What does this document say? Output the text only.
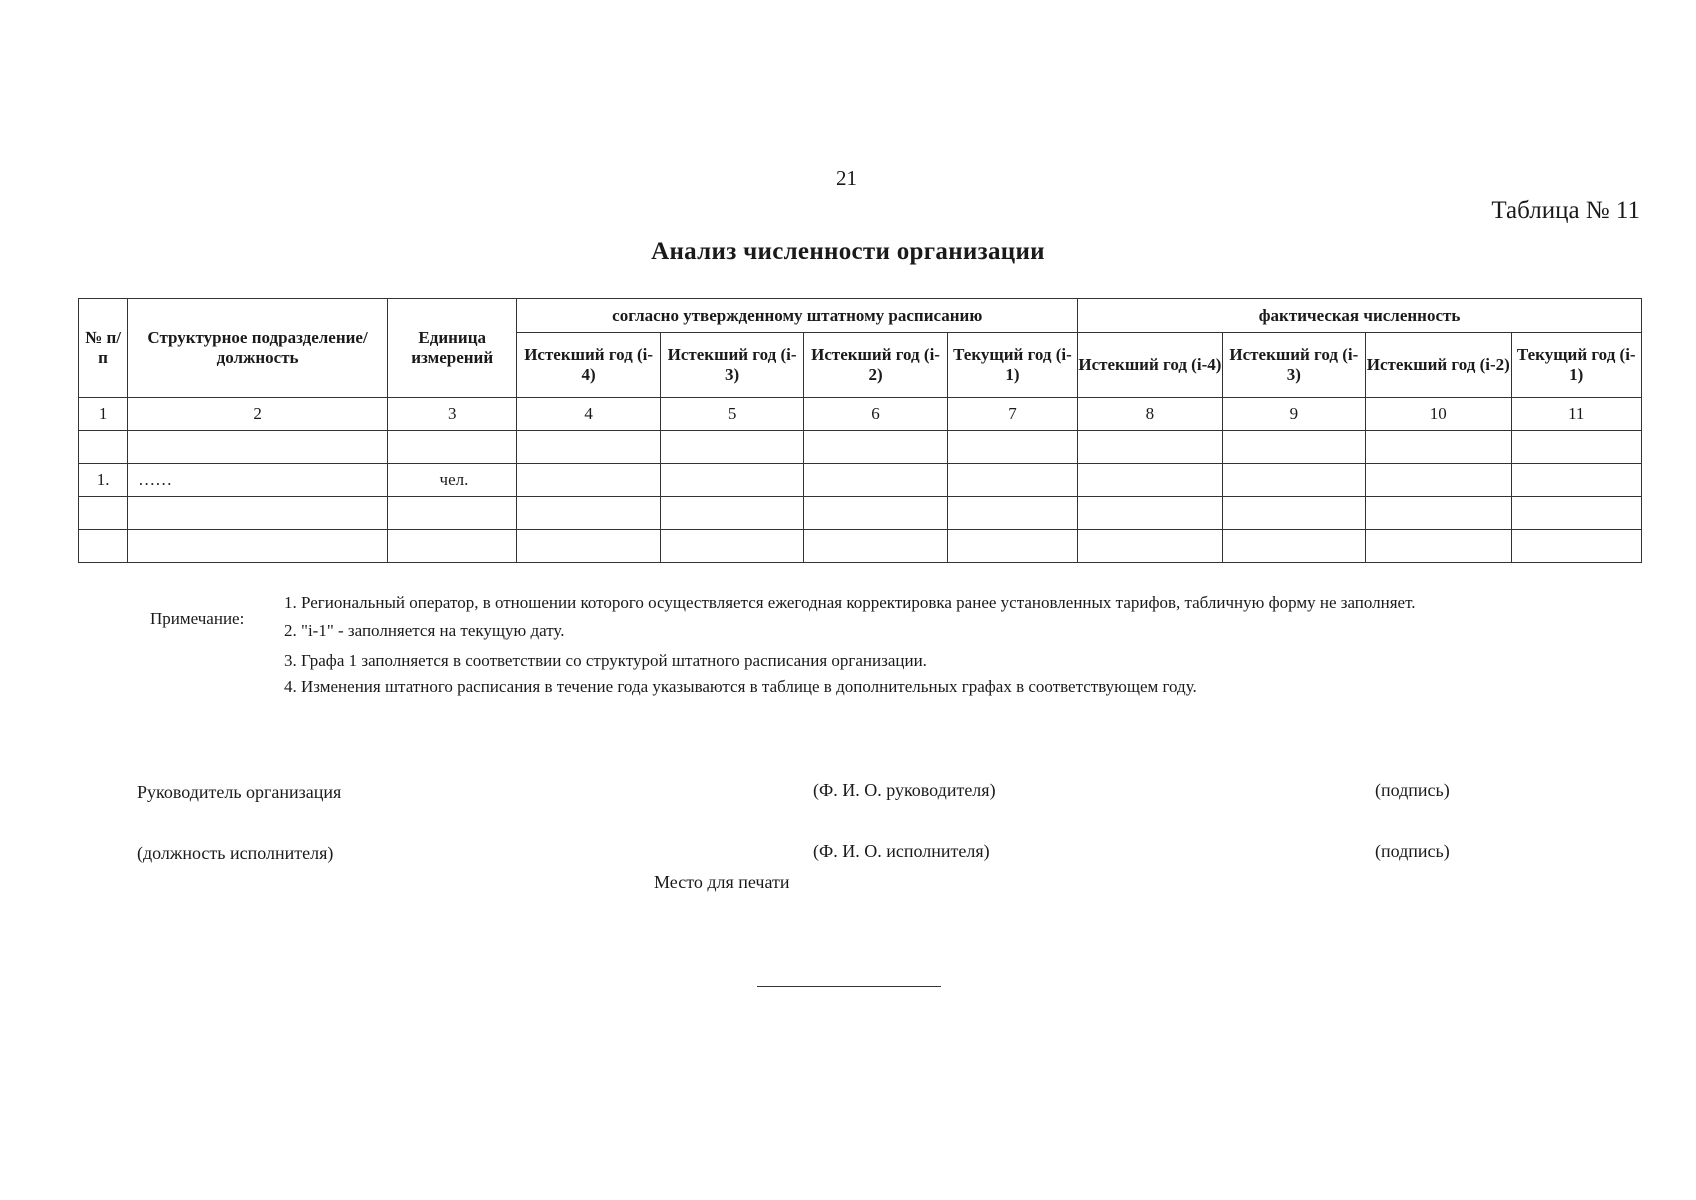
21
Таблица № 11
Анализ численности организации
№ п/ п	Структурное подразделение/должность	Единица измерений	согласно утвержденному штатному расписанию				фактическая численность			
			Истекший год (i-4)	Истекший год (i-3)	Истекший год (i-2)	Текущий год (i-1)	Истекший год (i-4)	Истекший год (i-3)	Истекший год (i-2)	Текущий год (i-1)
1	2	3	4	5	6	7	8	9	10	11

1.	……	чел.								

Примечание:
1. Региональный оператор, в отношении которого осуществляется ежегодная корректировка ранее установленных тарифов, табличную форму не заполняет.
2. "i-1" - заполняется на текущую дату.
3. Графа 1 заполняется в соответствии со структурой штатного расписания организации.
4. Изменения штатного расписания в течение года указываются в таблице в дополнительных графах в соответствующем году.
Руководитель организация	(Ф. И. О. руководителя)	(подпись)
(должность исполнителя)	(Ф. И. О. исполнителя)	(подпись)
Место для печати
